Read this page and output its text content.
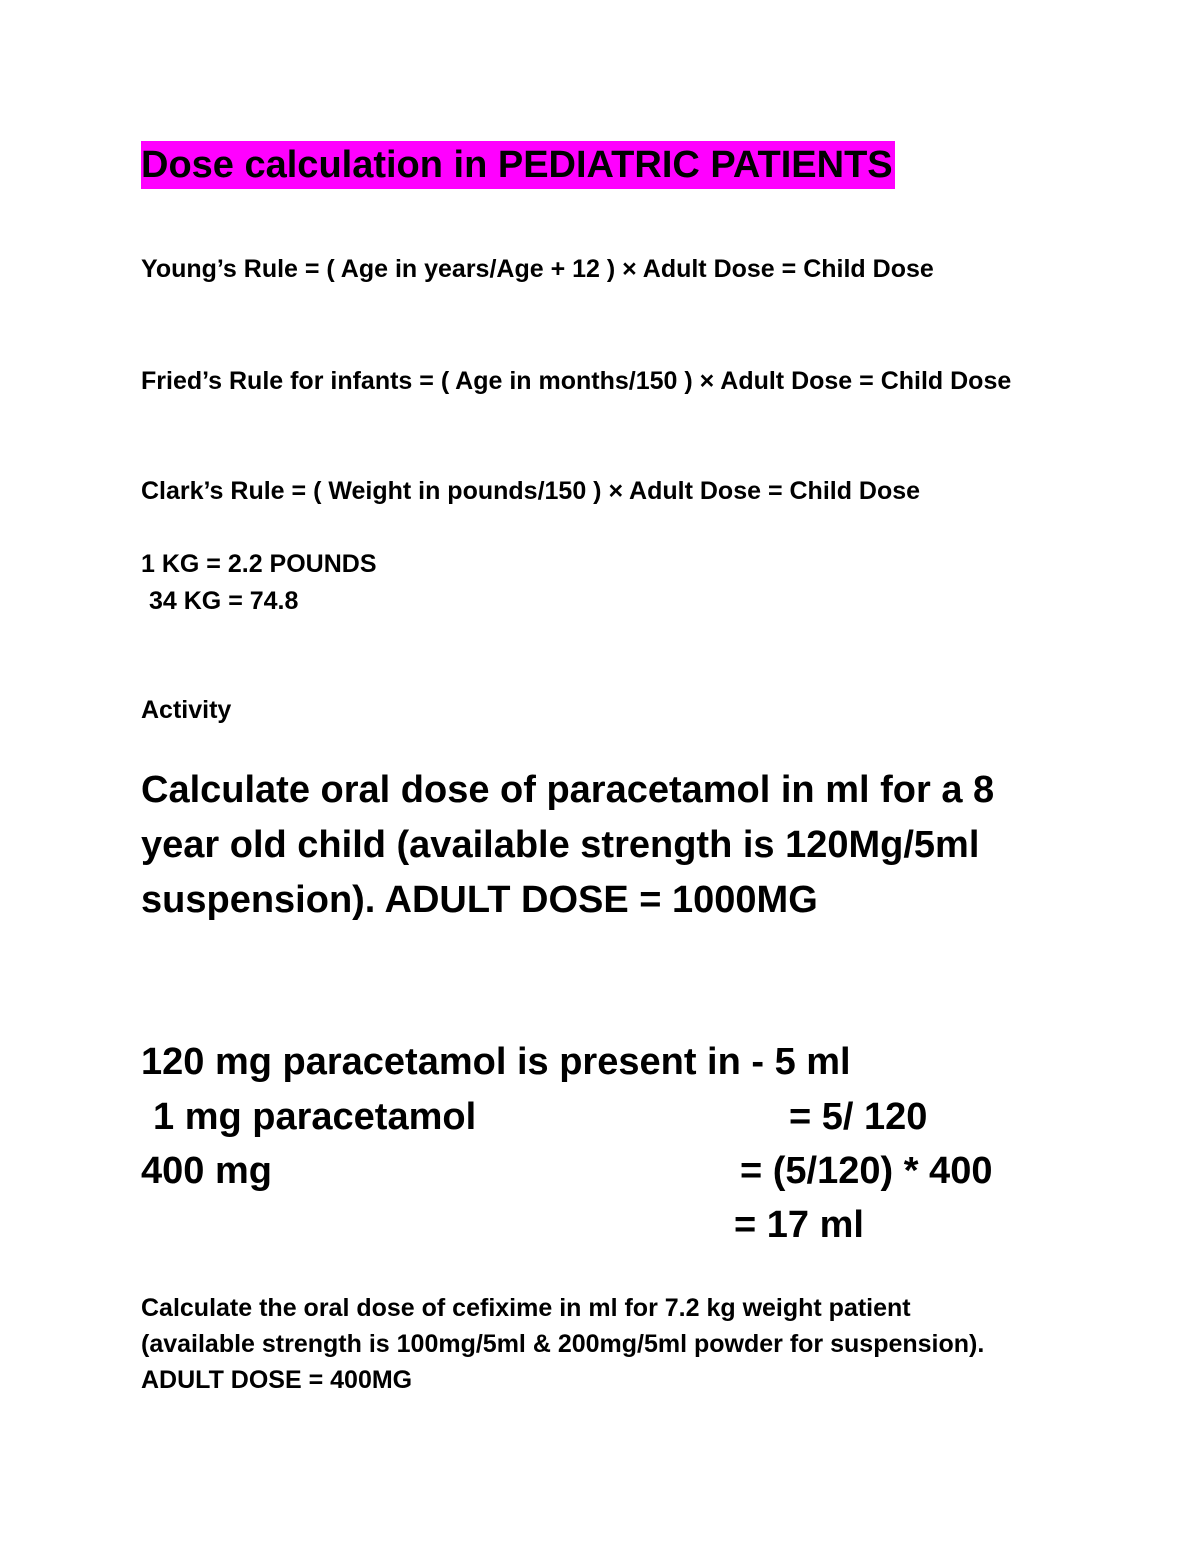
Dose calculation in PEDIATRIC PATIENTS
Young’s Rule = ( Age in years/Age + 12 ) × Adult Dose = Child Dose
Fried’s Rule for infants = ( Age in months/150 ) × Adult Dose = Child Dose
Clark’s Rule = ( Weight in pounds/150 ) × Adult Dose = Child Dose
1 KG = 2.2 POUNDS
34 KG = 74.8
Activity
Calculate oral dose of paracetamol in ml for a 8 year old child (available strength is 120Mg/5ml suspension). ADULT DOSE = 1000MG
120 mg paracetamol is present in - 5 ml
1 mg paracetamol	= 5/ 120
400 mg	= (5/120) * 400
= 17 ml
Calculate the oral dose of cefixime in ml for 7.2 kg weight patient (available strength is 100mg/5ml & 200mg/5ml powder for suspension). ADULT DOSE = 400MG
